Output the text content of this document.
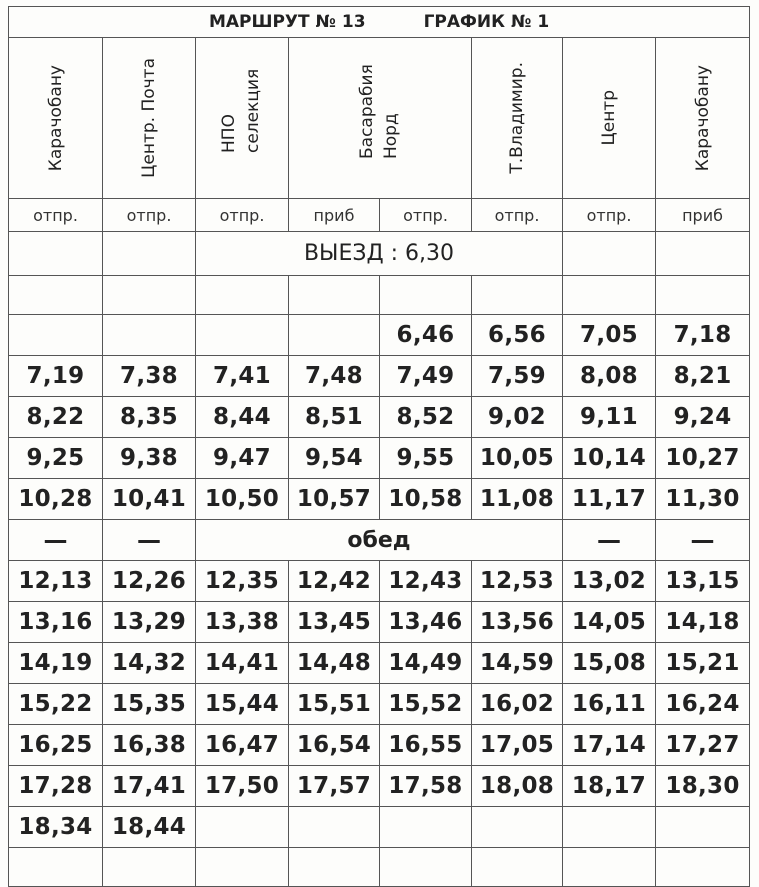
МАРШРУТ № 13 ГРАФИК № 1							

Карачобану	Центр. Почта	НПО селекция	Басарабия Норд		Т.Владимир.	Центр	Карачобану

отпр.	отпр.	отпр.	приб	отпр.	отпр.	отпр.	приб
		ВЫЕЗД : 6,30					

				6,46	6,56	7,05	7,18
7,19	7,38	7,41	7,48	7,49	7,59	8,08	8,21
8,22	8,35	8,44	8,51	8,52	9,02	9,11	9,24
9,25	9,38	9,47	9,54	9,55	10,05	10,14	10,27
10,28	10,41	10,50	10,57	10,58	11,08	11,17	11,30
—	—	обед				—	—
12,13	12,26	12,35	12,42	12,43	12,53	13,02	13,15
13,16	13,29	13,38	13,45	13,46	13,56	14,05	14,18
14,19	14,32	14,41	14,48	14,49	14,59	15,08	15,21
15,22	15,35	15,44	15,51	15,52	16,02	16,11	16,24
16,25	16,38	16,47	16,54	16,55	17,05	17,14	17,27
17,28	17,41	17,50	17,57	17,58	18,08	18,17	18,30
18,34	18,44						
